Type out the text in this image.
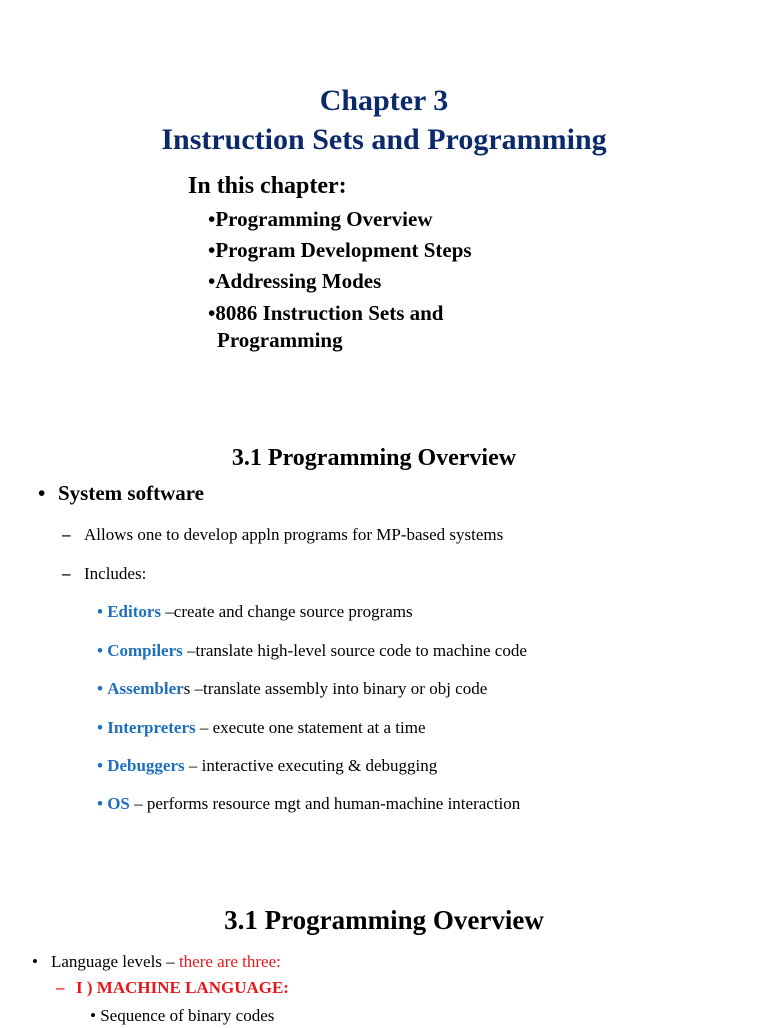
Chapter 3
Instruction Sets and Programming
In this chapter:
•Programming Overview
•Program Development Steps
•Addressing Modes
•8086 Instruction Sets and
Programming
3.1 Programming Overview
• System software
– Allows one to develop appln programs for MP-based systems
– Includes:
• Editors –create and change source programs
• Compilers –translate high-level source code to machine code
• Assemblers –translate assembly into binary or obj code
• Interpreters – execute one statement at a time
• Debuggers – interactive executing & debugging
• OS – performs resource mgt and human-machine interaction
3.1 Programming Overview
• Language levels – there are three:
– I ) MACHINE LANGUAGE:
• Sequence of binary codes
